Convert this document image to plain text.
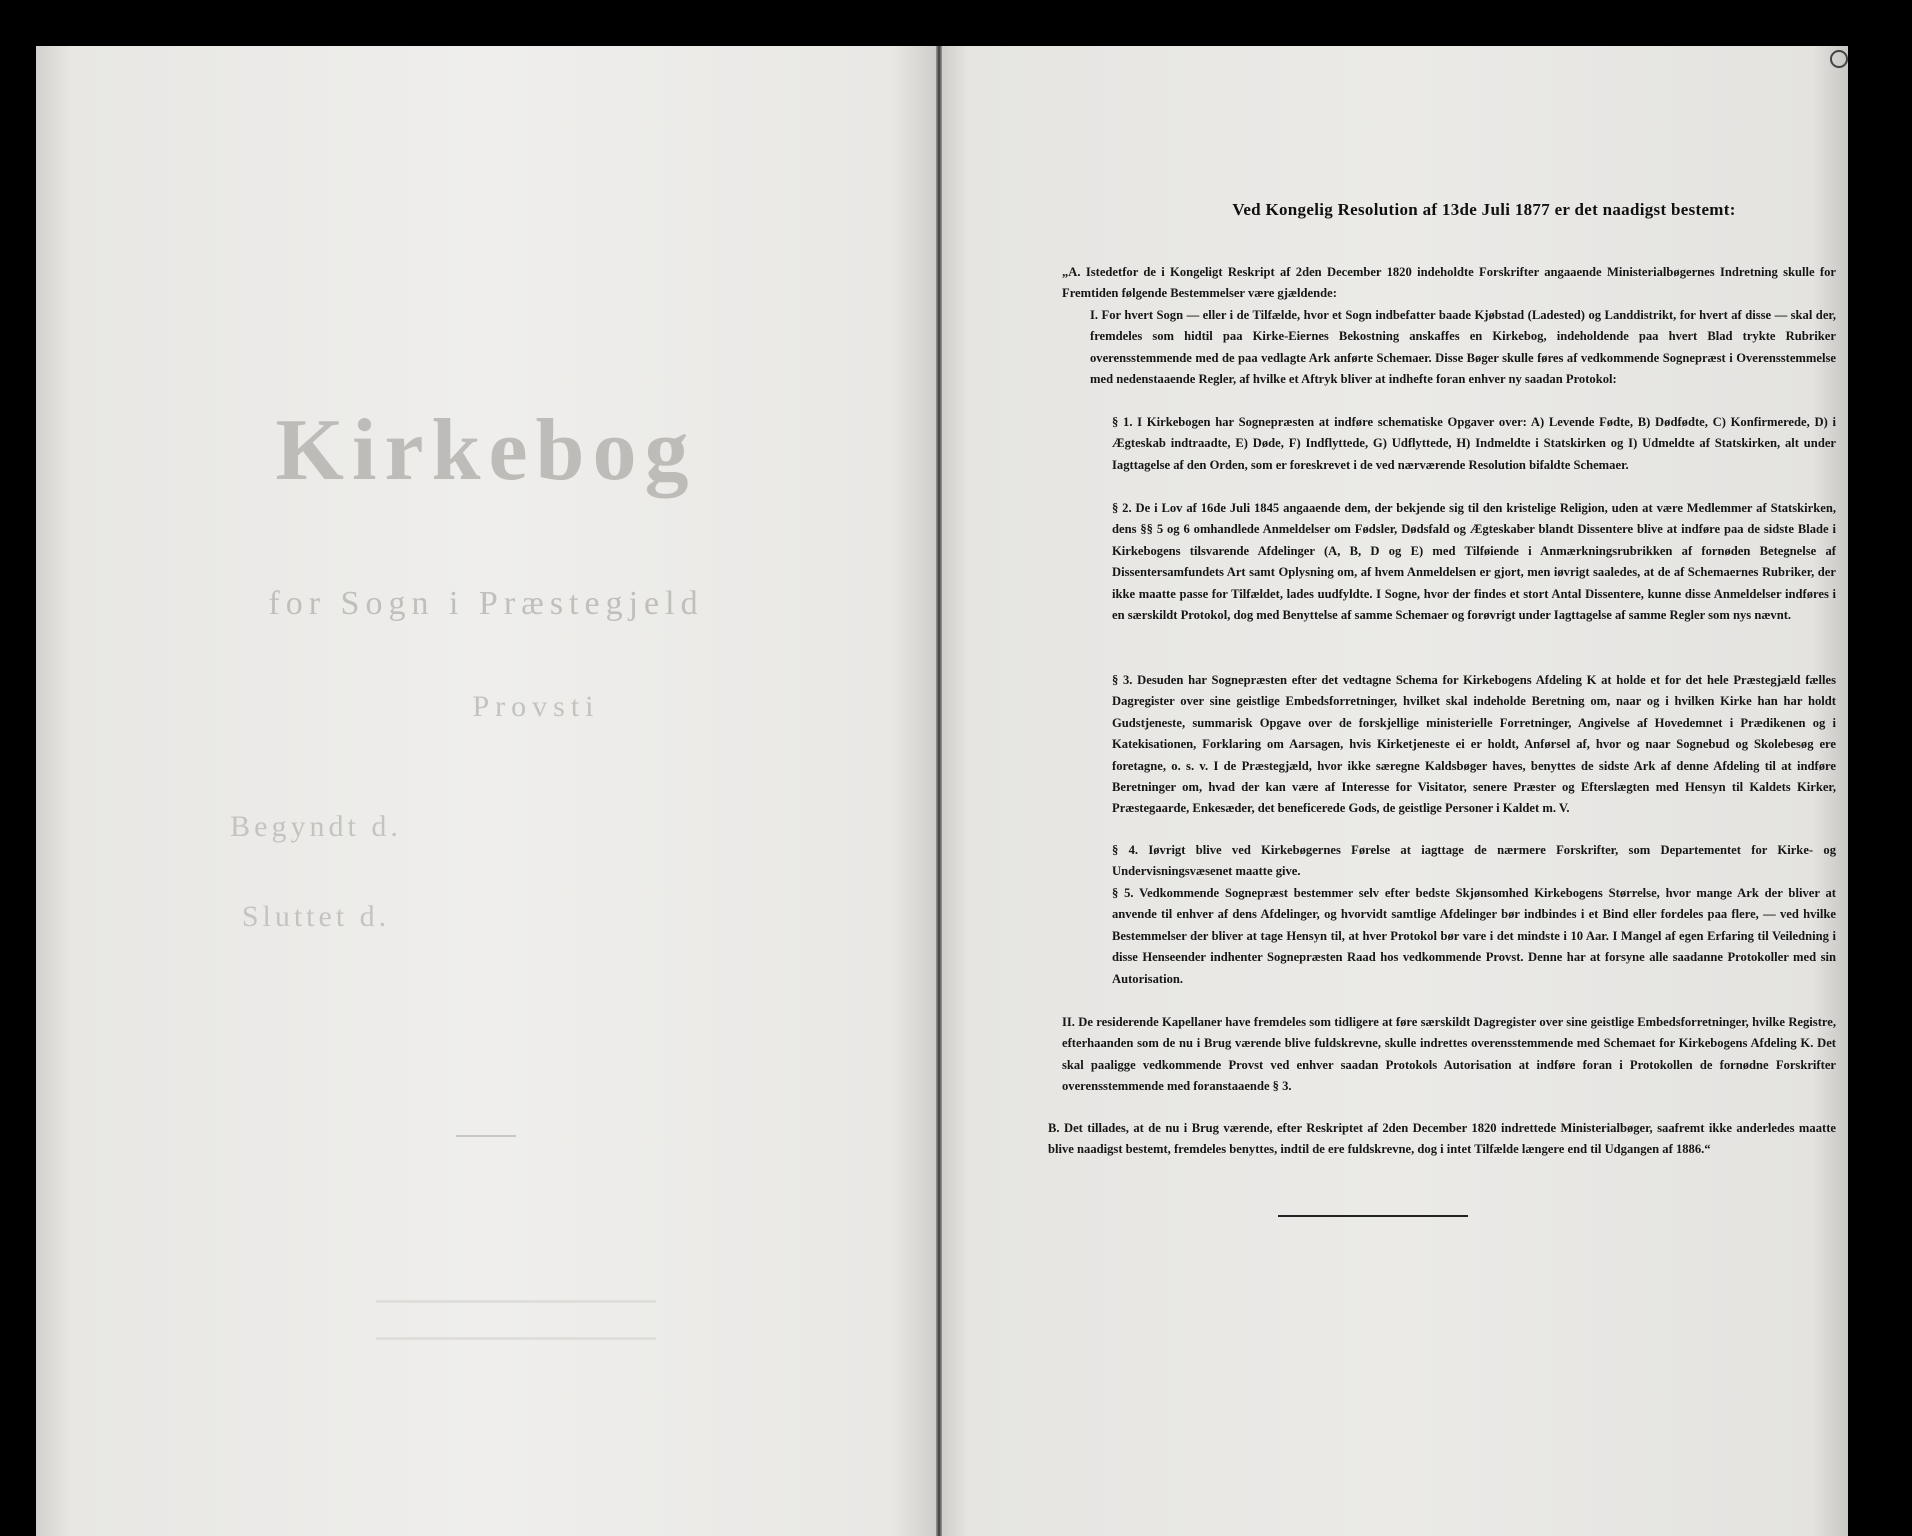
Kirkebog
for Sogn i Præstegjeld
Provsti
Begyndt d.
Sluttet d.
Ved Kongelig Resolution af 13de Juli 1877 er det naadigst bestemt:
„A. Istedetfor de i Kongeligt Reskript af 2den December 1820 indeholdte Forskrifter angaaende Ministerialbøgernes Indretning skulle for Fremtiden følgende Bestemmelser være gjældende:
I. For hvert Sogn — eller i de Tilfælde, hvor et Sogn indbefatter baade Kjøbstad (Ladested) og Landdistrikt, for hvert af disse — skal der, fremdeles som hidtil paa Kirke-Eiernes Bekostning anskaffes en Kirkebog, indeholdende paa hvert Blad trykte Rubriker overensstemmende med de paa vedlagte Ark anførte Schemaer. Disse Bøger skulle føres af vedkommende Sognepræst i Overensstemmelse med nedenstaaende Regler, af hvilke et Aftryk bliver at indhefte foran enhver ny saadan Protokol:
§ 1. I Kirkebogen har Sognepræsten at indføre schematiske Opgaver over: A) Levende Fødte, B) Dødfødte, C) Konfirmerede, D) i Ægteskab indtraadte, E) Døde, F) Indflyttede, G) Udflyttede, H) Indmeldte i Statskirken og I) Udmeldte af Statskirken, alt under Iagttagelse af den Orden, som er foreskrevet i de ved nærværende Resolution bifaldte Schemaer.
§ 2. De i Lov af 16de Juli 1845 angaaende dem, der bekjende sig til den kristelige Religion, uden at være Medlemmer af Statskirken, dens §§ 5 og 6 omhandlede Anmeldelser om Fødsler, Dødsfald og Ægteskaber blandt Dissentere blive at indføre paa de sidste Blade i Kirkebogens tilsvarende Afdelinger (A, B, D og E) med Tilføiende i Anmærkningsrubrikken af fornøden Betegnelse af Dissentersamfundets Art samt Oplysning om, af hvem Anmeldelsen er gjort, men iøvrigt saaledes, at de af Schemaernes Rubriker, der ikke maatte passe for Tilfældet, lades uudfyldte. I Sogne, hvor der findes et stort Antal Dissentere, kunne disse Anmeldelser indføres i en særskildt Protokol, dog med Benyttelse af samme Schemaer og forøvrigt under Iagttagelse af samme Regler som nys nævnt.
§ 3. Desuden har Sognepræsten efter det vedtagne Schema for Kirkebogens Afdeling K at holde et for det hele Præstegjæld fælles Dagregister over sine geistlige Embedsforretninger, hvilket skal indeholde Beretning om, naar og i hvilken Kirke han har holdt Gudstjeneste, summarisk Opgave over de forskjellige ministerielle Forretninger, Angivelse af Hovedemnet i Prædikenen og i Katekisationen, Forklaring om Aarsagen, hvis Kirketjeneste ei er holdt, Anførsel af, hvor og naar Sognebud og Skolebesøg ere foretagne, o. s. v. I de Præstegjæld, hvor ikke særegne Kaldsbøger haves, benyttes de sidste Ark af denne Afdeling til at indføre Beretninger om, hvad der kan være af Interesse for Visitator, senere Præster og Efterslægten med Hensyn til Kaldets Kirker, Præstegaarde, Enkesæder, det beneficerede Gods, de geistlige Personer i Kaldet m. V.
§ 4. Iøvrigt blive ved Kirkebøgernes Førelse at iagttage de nærmere Forskrifter, som Departementet for Kirke- og Undervisningsvæsenet maatte give.
§ 5. Vedkommende Sognepræst bestemmer selv efter bedste Skjønsomhed Kirkebogens Størrelse, hvor mange Ark der bliver at anvende til enhver af dens Afdelinger, og hvorvidt samtlige Afdelinger bør indbindes i et Bind eller fordeles paa flere, — ved hvilke Bestemmelser der bliver at tage Hensyn til, at hver Protokol bør vare i det mindste i 10 Aar. I Mangel af egen Erfaring til Veiledning i disse Henseender indhenter Sognepræsten Raad hos vedkommende Provst. Denne har at forsyne alle saadanne Protokoller med sin Autorisation.
II. De residerende Kapellaner have fremdeles som tidligere at føre særskildt Dagregister over sine geistlige Embedsforretninger, hvilke Registre, efterhaanden som de nu i Brug værende blive fuldskrevne, skulle indrettes overensstemmende med Schemaet for Kirkebogens Afdeling K. Det skal paaligge vedkommende Provst ved enhver saadan Protokols Autorisation at indføre foran i Protokollen de fornødne Forskrifter overensstemmende med foranstaaende § 3.
B. Det tillades, at de nu i Brug værende, efter Reskriptet af 2den December 1820 indrettede Ministerialbøger, saafremt ikke anderledes maatte blive naadigst bestemt, fremdeles benyttes, indtil de ere fuldskrevne, dog i intet Tilfælde længere end til Udgangen af 1886.“
